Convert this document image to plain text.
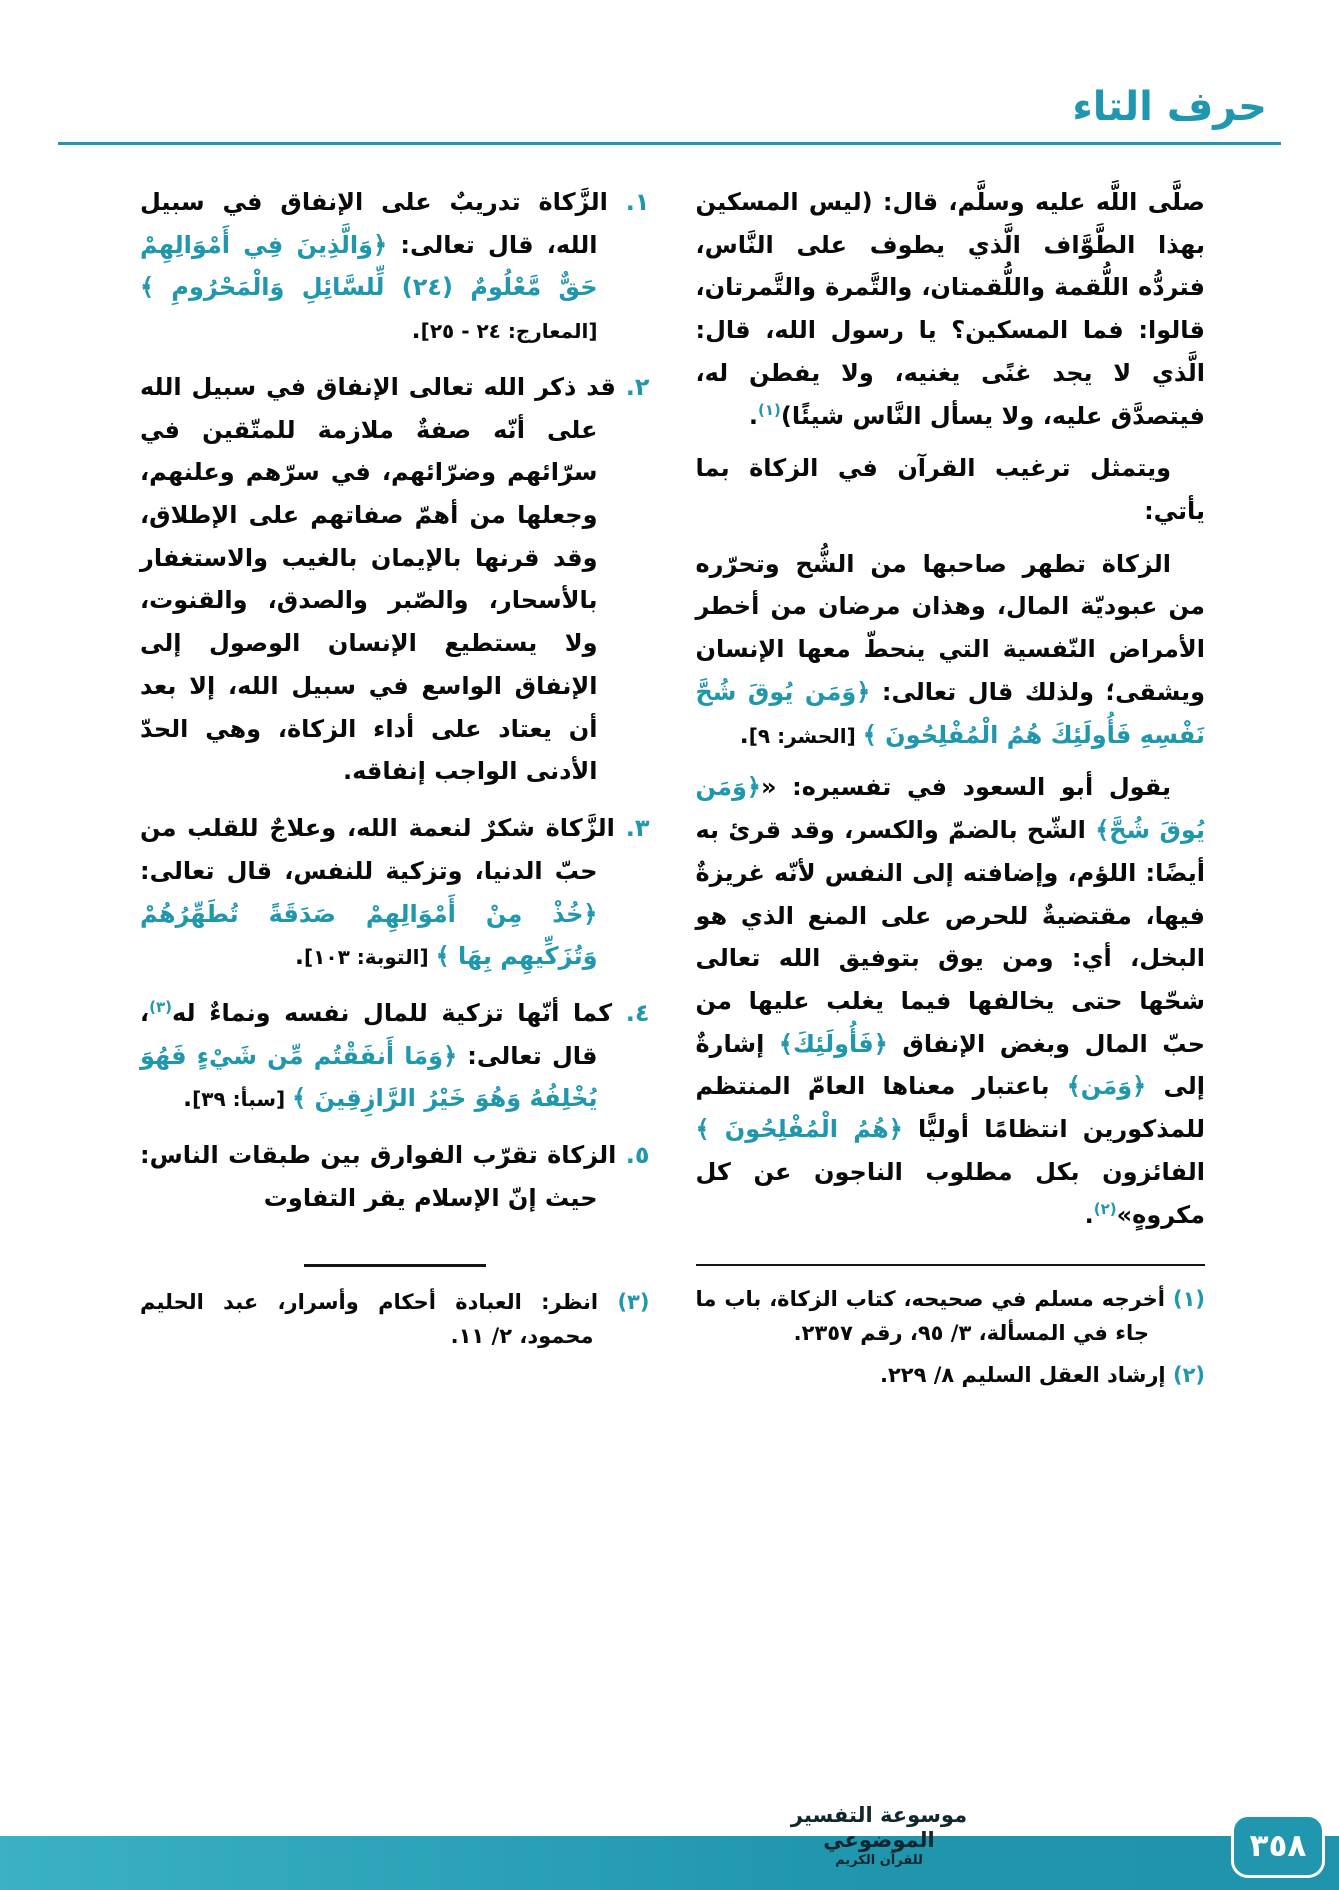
حرف التاء

صلَّى اللَّه عليه وسلَّم، قال: (ليس المسكين بهذا الطَّوَّاف الَّذي يطوف على النَّاس، فتردُّه اللُّقمة واللُّقمتان، والتَّمرة والتَّمرتان، قالوا: فما المسكين؟ يا رسول الله، قال: الَّذي لا يجد غنًى يغنيه، ولا يفطن له، فيتصدَّق عليه، ولا يسأل النَّاس شيئًا)$^{(١)}$.

ويتمثل ترغيب القرآن في الزكاة بما يأتي:

الزكاة تطهر صاحبها من الشُّح وتحرّره من عبوديّة المال، وهذان مرضان من أخطر الأمراض النّفسية التي ينحطّ معها الإنسان ويشقى؛ ولذلك قال تعالى: ﴿وَمَن يُوقَ شُحَّ نَفْسِهِ فَأُولَئِكَ هُمُ الْمُفْلِحُونَ ﴾ [الحشر: ٩].

يقول أبو السعود في تفسيره: «﴿وَمَن يُوقَ شُحَّ﴾ الشّح بالضمّ والكسر، وقد قرئ به أيضًا: اللؤم، وإضافته إلى النفس لأنّه غريزةٌ فيها، مقتضيةٌ للحرص على المنع الذي هو البخل، أي: ومن يوق بتوفيق الله تعالى شحّها حتى يخالفها فيما يغلب عليها من حبّ المال وبغض الإنفاق ﴿فَأُولَئِكَ﴾ إشارةٌ إلى ﴿وَمَن﴾ باعتبار معناها العامّ المنتظم للمذكورين انتظامًا أوليًّا ﴿هُمُ الْمُفْلِحُونَ ﴾ الفائزون بكل مطلوب الناجون عن كل مكروهٍ»$^{(٢)}$.

(١) أخرجه مسلم في صحيحه، كتاب الزكاة، باب ما جاء في المسألة، ٣/ ٩٥، رقم ٢٣٥٧.

(٢) إرشاد العقل السليم ٨/ ٢٢٩.

١. الزَّكاة تدريبٌ على الإنفاق في سبيل الله، قال تعالى: ﴿وَالَّذِينَ فِي أَمْوَالِهِمْ حَقٌّ مَّعْلُومٌ (٢٤) لِّلسَّائِلِ وَالْمَحْرُومِ ﴾ [المعارج: ٢٤ - ٢٥].

٢. قد ذكر الله تعالى الإنفاق في سبيل الله على أنّه صفةٌ ملازمة للمتّقين في سرّائهم وضرّائهم، في سرّهم وعلنهم، وجعلها من أهمّ صفاتهم على الإطلاق، وقد قرنها بالإيمان بالغيب والاستغفار بالأسحار، والصّبر والصدق، والقنوت، ولا يستطيع الإنسان الوصول إلى الإنفاق الواسع في سبيل الله، إلا بعد أن يعتاد على أداء الزكاة، وهي الحدّ الأدنى الواجب إنفاقه.

٣. الزَّكاة شكرٌ لنعمة الله، وعلاجٌ للقلب من حبّ الدنيا، وتزكية للنفس، قال تعالى: ﴿خُذْ مِنْ أَمْوَالِهِمْ صَدَقَةً تُطَهِّرُهُمْ وَتُزَكِّيهِم بِهَا ﴾ [التوبة: ١٠٣].

٤. كما أنّها تزكية للمال نفسه ونماءٌ له$^{(٣)}$، قال تعالى: ﴿وَمَا أَنفَقْتُم مِّن شَيْءٍ فَهُوَ يُخْلِفُهُ وَهُوَ خَيْرُ الرَّازِقِينَ ﴾ [سبأ: ٣٩].

٥. الزكاة تقرّب الفوارق بين طبقات الناس: حيث إنّ الإسلام يقر التفاوت

(٣) انظر: العبادة أحكام وأسرار، عبد الحليم محمود، ٢/ ١١.

موسوعة التفسير الموضوعي
للقرآن الكريم	٣٥٨
